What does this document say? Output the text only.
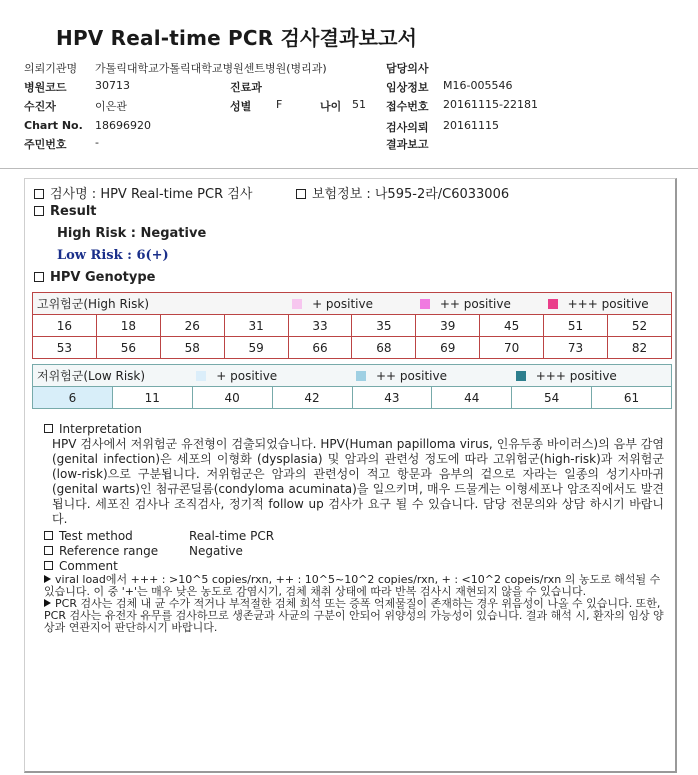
HPV Real-time PCR 검사결과보고서
의뢰기관명 가톨릭대학교가톨릭대학교병원센트병원(병리과)	담당의사
병원코드	30713	진료과	임상정보 M16-005546
수진자	이은관	성별 F	나이 51 접수번호 20161115-22181
Chart No. 18696920	검사의뢰 20161115
주민번호	-	결과보고
검사명 : HPV Real-time PCR 검사	보험정보 : 나595-2라/C6033006
Result
High Risk : Negative
Low Risk : 6(+)
HPV Genotype
고위험군(High Risk)				+ positive		++ positive		+++ positive	
16	18	26	31	33	35	39	45	51	52
53	56	58	59	66	68	69	70	73	82
저위험군(Low Risk)		+ positive		++ positive		+++ positive	
6	11	40	42	43	44	54	61
Interpretation
HPV 검사에서 저위험군 유전형이 검출되었습니다. HPV(Human papilloma virus, 인유두종 바이러스)의 음부 감염(genital infection)은 세포의 이형화 (dysplasia) 및 암과의 관련성 정도에 따라 고위험군(high-risk)과 저위험군(low-risk)으로 구분됩니다. 저위험군은 암과의 관련성이 적고 항문과 음부의 겉으로 자라는 일종의 성기사마귀(genital warts)인 첨규콘딜롬(condyloma acuminata)을 일으키며, 매우 드물게는 이형세포나 암조직에서도 발견 됩니다. 세포진 검사나 조직검사, 정기적 follow up 검사가 요구 될 수 있습니다. 담당 전문의와 상담 하시기 바랍니다.
Test method	Real-time PCR
Reference range	Negative
Comment
viral load에서 +++ : >10^5 copies/rxn, ++ : 10^5~10^2 copies/rxn, + : <10^2 copeis/rxn 의 농도로 해석될 수 있습니다. 이 중 '+'는 매우 낮은 농도로 감염시기, 검체 채취 상태에 따라 반복 검사시 재현되지 않을 수 있습니다.
PCR 검사는 검체 내 균 수가 적거나 부적절한 검체 희석 또는 증폭 억제물질이 존재하는 경우 위음성이 나올 수 있습니다. 또한, PCR 검사는 유전자 유무를 검사하므로 생존균과 사균의 구분이 안되어 위양성의 가능성이 있습니다. 결과 해석 시, 환자의 임상 양상과 연관지어 판단하시기 바랍니다.
